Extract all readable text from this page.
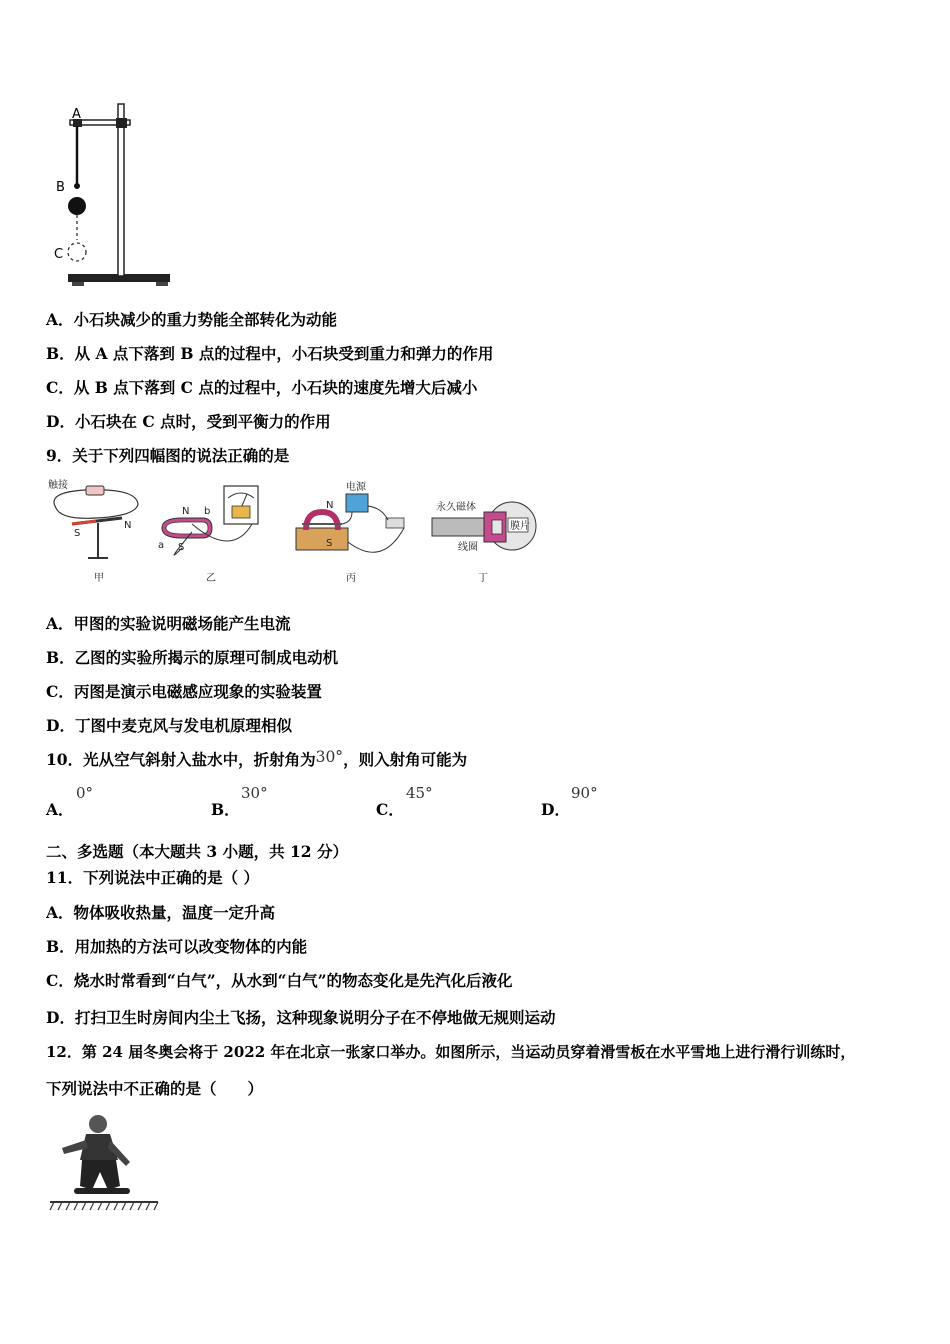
A
B
C
A．小石块减少的重力势能全部转化为动能
B．从 A 点下落到 B 点的过程中，小石块受到重力和弹力的作用
C．从 B 点下落到 C 点的过程中，小石块的速度先增大后减小
D．小石块在 C 点时，受到平衡力的作用
9．关于下列四幅图的说法正确的是
触接
S
N
甲
N
S
a
b
乙
电源
N
S
丙
永久磁体
膜片
线圈
丁
A．甲图的实验说明磁场能产生电流
B．乙图的实验所揭示的原理可制成电动机
C．丙图是演示电磁感应现象的实验装置
D．丁图中麦克风与发电机原理相似
10．光从空气斜射入盐水中，折射角为30°，则入射角可能为
A．
0°
B．
30°
C．
45°
D．
90°
二、多选题（本大题共 3 小题，共 12 分）
11．下列说法中正确的是（ ）
A．物体吸收热量，温度一定升高
B．用加热的方法可以改变物体的内能
C．烧水时常看到“白气”，从水到“白气”的物态变化是先汽化后液化
D．打扫卫生时房间内尘土飞扬，这种现象说明分子在不停地做无规则运动
12．第 24 届冬奥会将于 2022 年在北京一张家口举办。如图所示，当运动员穿着滑雪板在水平雪地上进行滑行训练时，
下列说法中不正确的是（　　）
